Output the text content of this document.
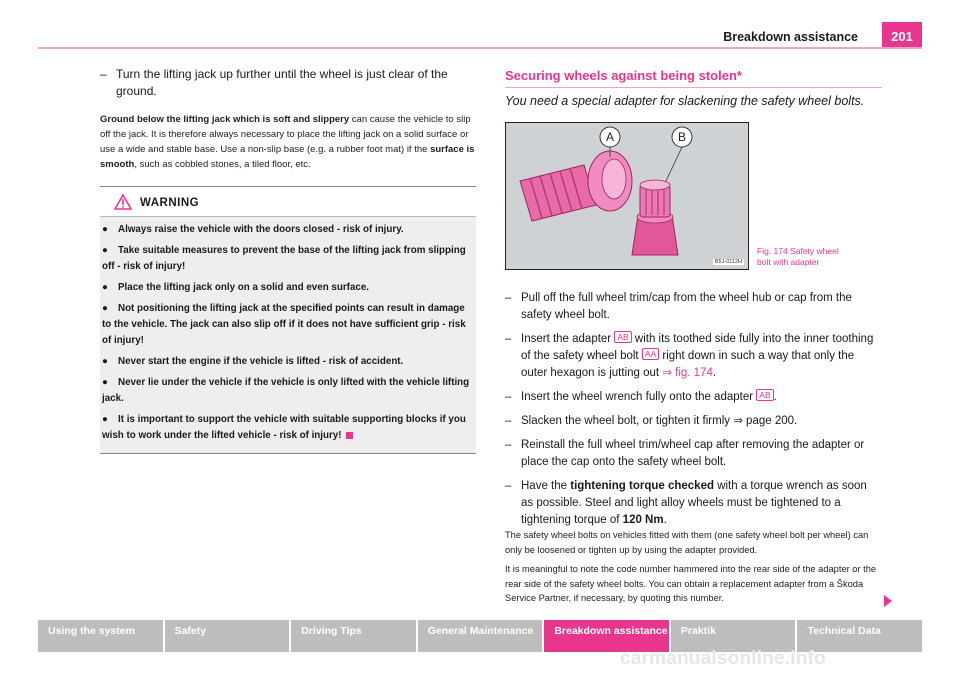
Breakdown assistance	201
– Turn the lifting jack up further until the wheel is just clear of the ground.

Ground below the lifting jack which is soft and slippery can cause the vehicle to slip off the jack. It is therefore always necessary to place the lifting jack on a solid surface or use a wide and stable base. Use a non-slip base (e.g. a rubber foot mat) if the surface is smooth, such as cobbled stones, a tiled floor, etc.

WARNING
● Always raise the vehicle with the doors closed - risk of injury.
● Take suitable measures to prevent the base of the lifting jack from slipping off - risk of injury!
● Place the lifting jack only on a solid and even surface.
● Not positioning the lifting jack at the specified points can result in damage to the vehicle. The jack can also slip off if it does not have sufficient grip - risk of injury!
● Never start the engine if the vehicle is lifted - risk of accident.
● Never lie under the vehicle if the vehicle is only lifted with the vehicle lifting jack.
● It is important to support the vehicle with suitable supporting blocks if you wish to work under the lifted vehicle - risk of injury!
Securing wheels against being stolen*
You need a special adapter for slackening the safety wheel bolts.
A	B
B5J-0112H
Fig. 174 Safety wheel
bolt with adapter
– Pull off the full wheel trim/cap from the wheel hub or cap from the safety wheel bolt.
– Insert the adapter AB with its toothed side fully into the inner toothing of the safety wheel bolt AA right down in such a way that only the outer hexagon is jutting out ⇒ fig. 174.
– Insert the wheel wrench fully onto the adapter AB .
– Slacken the wheel bolt, or tighten it firmly ⇒ page 200.
– Reinstall the full wheel trim/wheel cap after removing the adapter or place the cap onto the safety wheel bolt.
– Have the tightening torque checked with a torque wrench as soon as possible. Steel and light alloy wheels must be tightened to a tightening torque of 120 Nm.

The safety wheel bolts on vehicles fitted with them (one safety wheel bolt per wheel) can only be loosened or tighten up by using the adapter provided.

It is meaningful to note the code number hammered into the rear side of the adapter or the rear side of the safety wheel bolts. You can obtain a replacement adapter from a Škoda Service Partner, if necessary, by quoting this number.

Using the system	Safety	Driving Tips	General Maintenance	Breakdown assistance	Praktik	Technical Data
carmanualsonline.info
